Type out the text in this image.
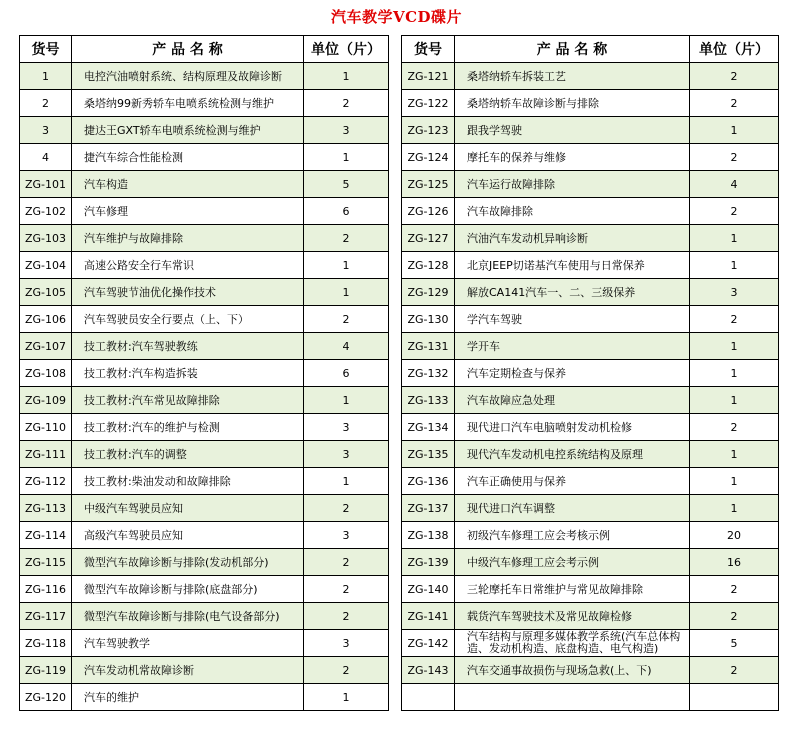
汽车教学VCD碟片
货号	产 品 名 称	单位（片）
1	电控汽油喷射系统、结构原理及故障诊断	1
2	桑塔纳99新秀轿车电喷系统检测与维护	2
3	捷达王GXT轿车电喷系统检测与维护	3
4	捷汽车综合性能检测	1
ZG-101	汽车构造	5
ZG-102	汽车修理	6
ZG-103	汽车维护与故障排除	2
ZG-104	高速公路安全行车常识	1
ZG-105	汽车驾驶节油优化操作技术	1
ZG-106	汽车驾驶员安全行要点（上、下）	2
ZG-107	技工教材:汽车驾驶教练	4
ZG-108	技工教材:汽车构造拆装	6
ZG-109	技工教材:汽车常见故障排除	1
ZG-110	技工教材:汽车的维护与检测	3
ZG-111	技工教材:汽车的调整	3
ZG-112	技工教材:柴油发动和故障排除	1
ZG-113	中级汽车驾驶员应知	2
ZG-114	高级汽车驾驶员应知	3
ZG-115	微型汽车故障诊断与排除(发动机部分)	2
ZG-116	微型汽车故障诊断与排除(底盘部分)	2
ZG-117	微型汽车故障诊断与排除(电气设备部分)	2
ZG-118	汽车驾驶教学	3
ZG-119	汽车发动机常故障诊断	2
ZG-120	汽车的维护	1
货号	产 品 名 称	单位（片）
ZG-121	桑塔纳轿车拆装工艺	2
ZG-122	桑塔纳轿车故障诊断与排除	2
ZG-123	跟我学驾驶	1
ZG-124	摩托车的保养与维修	2
ZG-125	汽车运行故障排除	4
ZG-126	汽车故障排除	2
ZG-127	汽油汽车发动机异响诊断	1
ZG-128	北京JEEP切诺基汽车使用与日常保养	1
ZG-129	解放CA141汽车一、二、三级保养	3
ZG-130	学汽车驾驶	2
ZG-131	学开车	1
ZG-132	汽车定期检查与保养	1
ZG-133	汽车故障应急处理	1
ZG-134	现代进口汽车电脑喷射发动机检修	2
ZG-135	现代汽车发动机电控系统结构及原理	1
ZG-136	汽车正确使用与保养	1
ZG-137	现代进口汽车调整	1
ZG-138	初级汽车修理工应会考核示例	20
ZG-139	中级汽车修理工应会考示例	16
ZG-140	三轮摩托车日常维护与常见故障排除	2
ZG-141	载货汽车驾驶技术及常见故障检修	2
ZG-142	汽车结构与原理多媒体教学系统(汽车总体构造、发动机构造、底盘构造、电气构造)	5
ZG-143	汽车交通事故损伤与现场急救(上、下)	2
